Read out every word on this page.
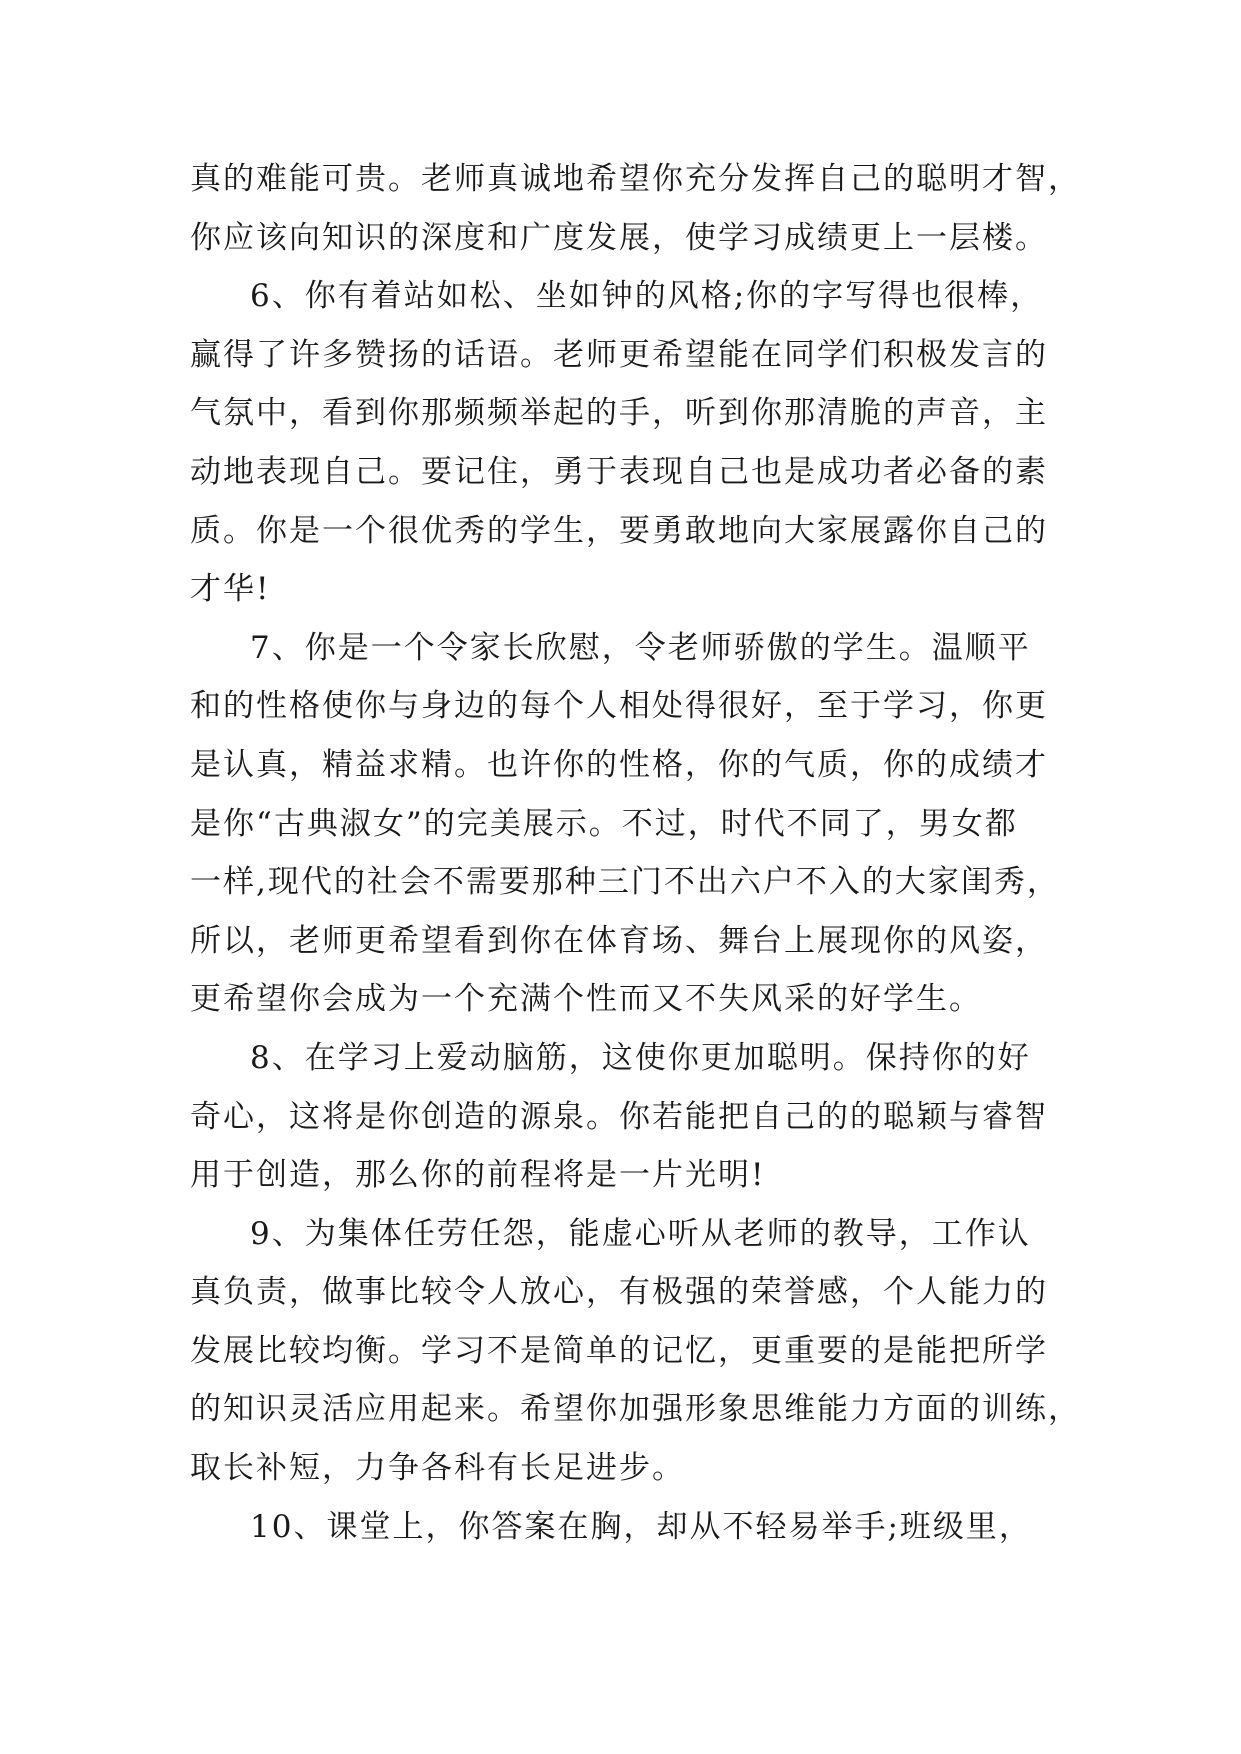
真的难能可贵。老师真诚地希望你充分发挥自己的聪明才智，
你应该向知识的深度和广度发展，使学习成绩更上一层楼。
6、你有着站如松、坐如钟的风格;你的字写得也很棒，
赢得了许多赞扬的话语。老师更希望能在同学们积极发言的
气氛中，看到你那频频举起的手，听到你那清脆的声音，主
动地表现自己。要记住，勇于表现自己也是成功者必备的素
质。你是一个很优秀的学生，要勇敢地向大家展露你自己的
才华!
7、你是一个令家长欣慰，令老师骄傲的学生。温顺平
和的性格使你与身边的每个人相处得很好，至于学习，你更
是认真，精益求精。也许你的性格，你的气质，你的成绩才
是你“古典淑女”的完美展示。不过，时代不同了，男女都
一样,现代的社会不需要那种三门不出六户不入的大家闺秀，
所以，老师更希望看到你在体育场、舞台上展现你的风姿，
更希望你会成为一个充满个性而又不失风采的好学生。
8、在学习上爱动脑筋，这使你更加聪明。保持你的好
奇心，这将是你创造的源泉。你若能把自己的的聪颖与睿智
用于创造，那么你的前程将是一片光明!
9、为集体任劳任怨，能虚心听从老师的教导，工作认
真负责，做事比较令人放心，有极强的荣誉感，个人能力的
发展比较均衡。学习不是简单的记忆，更重要的是能把所学
的知识灵活应用起来。希望你加强形象思维能力方面的训练，
取长补短，力争各科有长足进步。
10、课堂上，你答案在胸，却从不轻易举手;班级里，
